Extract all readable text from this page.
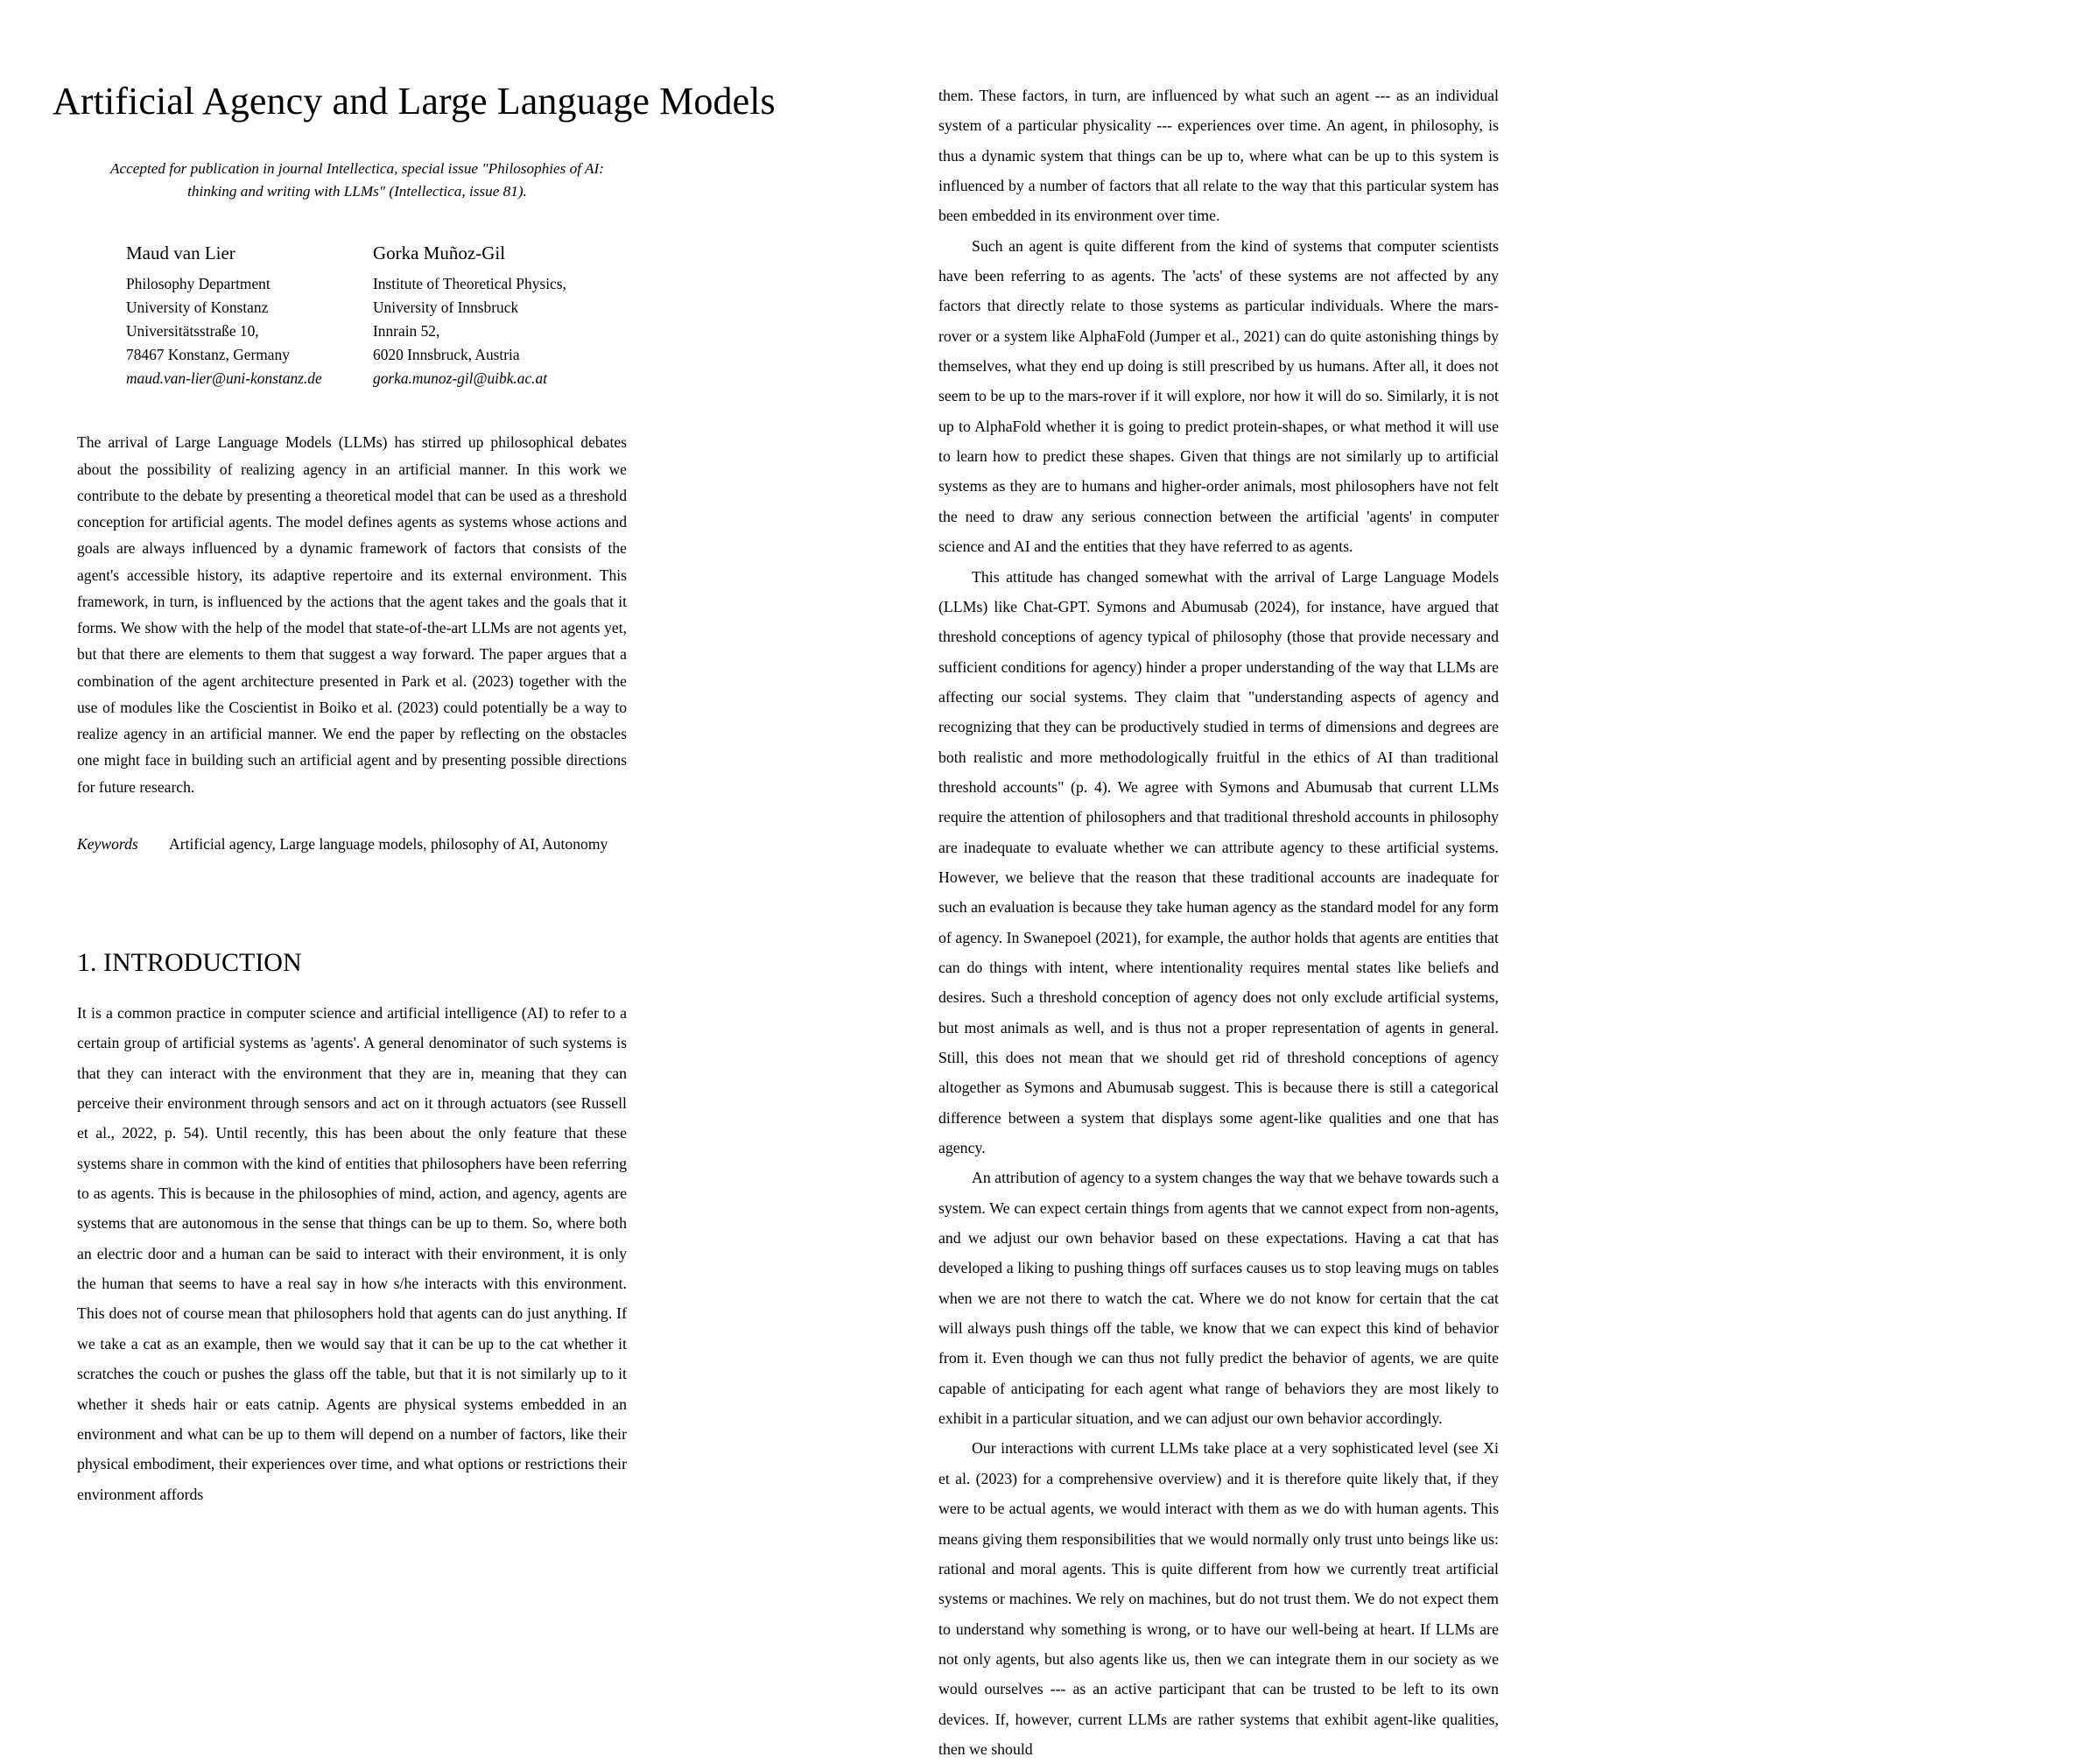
Artificial Agency and Large Language Models

Accepted for publication in journal Intellectica, special issue "Philosophies of AI: thinking and writing with LLMs" (Intellectica, issue 81).

Maud van Lier
Philosophy Department
University of Konstanz
Universitätsstraße 10,
78467 Konstanz, Germany
maud.van-lier@uni-konstanz.de
Gorka Muñoz-Gil
Institute of Theoretical Physics,
University of Innsbruck
Innrain 52,
6020 Innsbruck, Austria
gorka.munoz-gil@uibk.ac.at

The arrival of Large Language Models (LLMs) has stirred up philosophical debates about the possibility of realizing agency in an artificial manner. In this work we contribute to the debate by presenting a theoretical model that can be used as a threshold conception for artificial agents. The model defines agents as systems whose actions and goals are always influenced by a dynamic framework of factors that consists of the agent's accessible history, its adaptive repertoire and its external environment. This framework, in turn, is influenced by the actions that the agent takes and the goals that it forms. We show with the help of the model that state-of-the-art LLMs are not agents yet, but that there are elements to them that suggest a way forward. The paper argues that a combination of the agent architecture presented in Park et al. (2023) together with the use of modules like the Coscientist in Boiko et al. (2023) could potentially be a way to realize agency in an artificial manner. We end the paper by reflecting on the obstacles one might face in building such an artificial agent and by presenting possible directions for future research.

Keywords	Artificial agency, Large language models, philosophy of AI, Autonomy
1. INTRODUCTION

It is a common practice in computer science and artificial intelligence (AI) to refer to a certain group of artificial systems as 'agents'. A general denominator of such systems is that they can interact with the environment that they are in, meaning that they can perceive their environment through sensors and act on it through actuators (see Russell et al., 2022, p. 54). Until recently, this has been about the only feature that these systems share in common with the kind of entities that philosophers have been referring to as agents. This is because in the philosophies of mind, action, and agency, agents are systems that are autonomous in the sense that things can be up to them. So, where both an electric door and a human can be said to interact with their environment, it is only the human that seems to have a real say in how s/he interacts with this environment. This does not of course mean that philosophers hold that agents can do just anything. If we take a cat as an example, then we would say that it can be up to the cat whether it scratches the couch or pushes the glass off the table, but that it is not similarly up to it whether it sheds hair or eats catnip. Agents are physical systems embedded in an environment and what can be up to them will depend on a number of factors, like their physical embodiment, their experiences over time, and what options or restrictions their environment affords

them. These factors, in turn, are influenced by what such an agent --- as an individual system of a particular physicality --- experiences over time. An agent, in philosophy, is thus a dynamic system that things can be up to, where what can be up to this system is influenced by a number of factors that all relate to the way that this particular system has been embedded in its environment over time.

Such an agent is quite different from the kind of systems that computer scientists have been referring to as agents. The 'acts' of these systems are not affected by any factors that directly relate to those systems as particular individuals. Where the mars-rover or a system like AlphaFold (Jumper et al., 2021) can do quite astonishing things by themselves, what they end up doing is still prescribed by us humans. After all, it does not seem to be up to the mars-rover if it will explore, nor how it will do so. Similarly, it is not up to AlphaFold whether it is going to predict protein-shapes, or what method it will use to learn how to predict these shapes. Given that things are not similarly up to artificial systems as they are to humans and higher-order animals, most philosophers have not felt the need to draw any serious connection between the artificial 'agents' in computer science and AI and the entities that they have referred to as agents.

This attitude has changed somewhat with the arrival of Large Language Models (LLMs) like Chat-GPT. Symons and Abumusab (2024), for instance, have argued that threshold conceptions of agency typical of philosophy (those that provide necessary and sufficient conditions for agency) hinder a proper understanding of the way that LLMs are affecting our social systems. They claim that "understanding aspects of agency and recognizing that they can be productively studied in terms of dimensions and degrees are both realistic and more methodologically fruitful in the ethics of AI than traditional threshold accounts" (p. 4). We agree with Symons and Abumusab that current LLMs require the attention of philosophers and that traditional threshold accounts in philosophy are inadequate to evaluate whether we can attribute agency to these artificial systems. However, we believe that the reason that these traditional accounts are inadequate for such an evaluation is because they take human agency as the standard model for any form of agency. In Swanepoel (2021), for example, the author holds that agents are entities that can do things with intent, where intentionality requires mental states like beliefs and desires. Such a threshold conception of agency does not only exclude artificial systems, but most animals as well, and is thus not a proper representation of agents in general. Still, this does not mean that we should get rid of threshold conceptions of agency altogether as Symons and Abumusab suggest. This is because there is still a categorical difference between a system that displays some agent-like qualities and one that has agency.

An attribution of agency to a system changes the way that we behave towards such a system. We can expect certain things from agents that we cannot expect from non-agents, and we adjust our own behavior based on these expectations. Having a cat that has developed a liking to pushing things off surfaces causes us to stop leaving mugs on tables when we are not there to watch the cat. Where we do not know for certain that the cat will always push things off the table, we know that we can expect this kind of behavior from it. Even though we can thus not fully predict the behavior of agents, we are quite capable of anticipating for each agent what range of behaviors they are most likely to exhibit in a particular situation, and we can adjust our own behavior accordingly.

Our interactions with current LLMs take place at a very sophisticated level (see Xi et al. (2023) for a comprehensive overview) and it is therefore quite likely that, if they were to be actual agents, we would interact with them as we do with human agents. This means giving them responsibilities that we would normally only trust unto beings like us: rational and moral agents. This is quite different from how we currently treat artificial systems or machines. We rely on machines, but do not trust them. We do not expect them to understand why something is wrong, or to have our well-being at heart. If LLMs are not only agents, but also agents like us, then we can integrate them in our society as we would ourselves --- as an active participant that can be trusted to be left to its own devices. If, however, current LLMs are rather systems that exhibit agent-like qualities, then we should
